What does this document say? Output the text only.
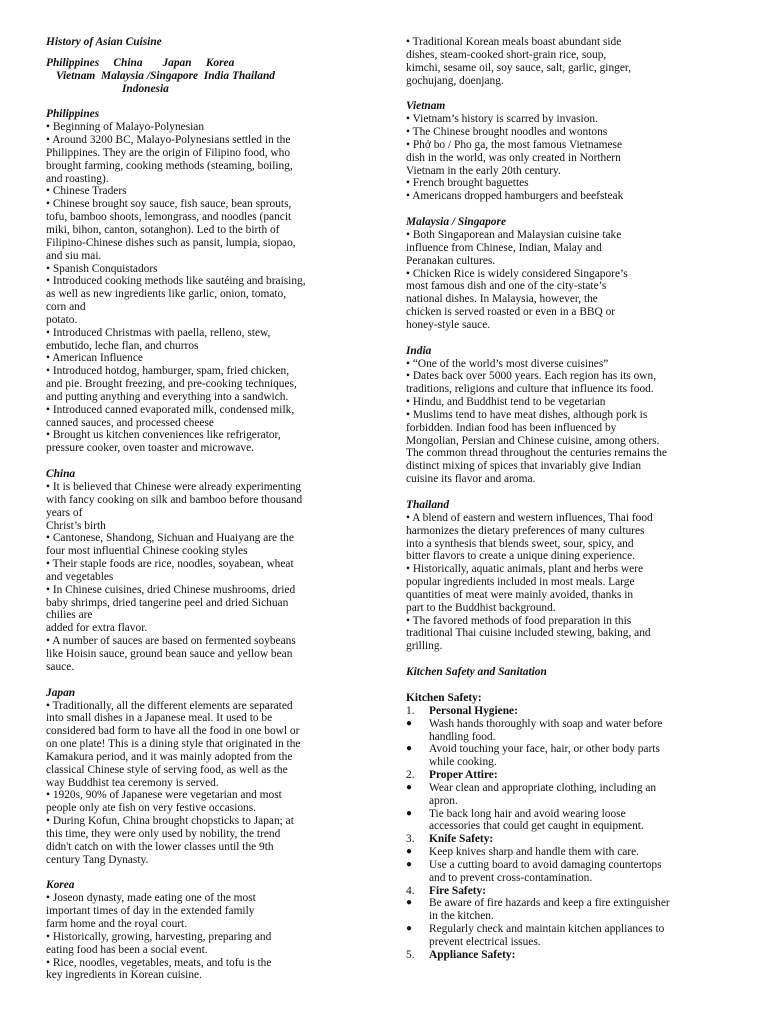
History of Asian Cuisine

Philippines     China       Japan     Korea
Vietnam  Malaysia /Singapore  India Thailand
Indonesia

Philippines

• Beginning of Malayo-Polynesian

• Around 3200 BC, Malayo-Polynesians settled in the

Philippines. They are the origin of Filipino food, who

brought farming, cooking methods (steaming, boiling,

and roasting).

• Chinese Traders

• Chinese brought soy sauce, fish sauce, bean sprouts,

tofu, bamboo shoots, lemongrass, and noodles (pancit

miki, bihon, canton, sotanghon). Led to the birth of

Filipino-Chinese dishes such as pansit, lumpia, siopao,

and siu mai.

• Spanish Conquistadors

• Introduced cooking methods like sautéing and braising,

as well as new ingredients like garlic, onion, tomato,

corn and

potato.

• Introduced Christmas with paella, relleno, stew,

embutido, leche flan, and churros

• American Influence

• Introduced hotdog, hamburger, spam, fried chicken,

and pie. Brought freezing, and pre-cooking techniques,

and putting anything and everything into a sandwich.

• Introduced canned evaporated milk, condensed milk,

canned sauces, and processed cheese

• Brought us kitchen conveniences like refrigerator,

pressure cooker, oven toaster and microwave.

China

• It is believed that Chinese were already experimenting

with fancy cooking on silk and bamboo before thousand

years of

Christ’s birth

• Cantonese, Shandong, Sichuan and Huaiyang are the

four most influential Chinese cooking styles

• Their staple foods are rice, noodles, soyabean, wheat

and vegetables

• In Chinese cuisines, dried Chinese mushrooms, dried

baby shrimps, dried tangerine peel and dried Sichuan

chilies are

added for extra flavor.

• A number of sauces are based on fermented soybeans

like Hoisin sauce, ground bean sauce and yellow bean

sauce.

Japan

• Traditionally, all the different elements are separated

into small dishes in a Japanese meal. It used to be

considered bad form to have all the food in one bowl or

on one plate! This is a dining style that originated in the

Kamakura period, and it was mainly adopted from the

classical Chinese style of serving food, as well as the

way Buddhist tea ceremony is served.

• 1920s, 90% of Japanese were vegetarian and most

people only ate fish on very festive occasions.

• During Kofun, China brought chopsticks to Japan; at

this time, they were only used by nobility, the trend

didn't catch on with the lower classes until the 9th

century Tang Dynasty.

Korea

• Joseon dynasty, made eating one of the most

important times of day in the extended family

farm home and the royal court.

• Historically, growing, harvesting, preparing and

eating food has been a social event.

• Rice, noodles, vegetables, meats, and tofu is the

key ingredients in Korean cuisine.

• Traditional Korean meals boast abundant side

dishes, steam-cooked short-grain rice, soup,

kimchi, sesame oil, soy sauce, salt, garlic, ginger,

gochujang, doenjang.

Vietnam

• Vietnam’s history is scarred by invasion.

• The Chinese brought noodles and wontons

• Phở bo / Pho ga, the most famous Vietnamese

dish in the world, was only created in Northern

Vietnam in the early 20th century.

• French brought baguettes

• Americans dropped hamburgers and beefsteak

Malaysia / Singapore

• Both Singaporean and Malaysian cuisine take

influence from Chinese, Indian, Malay and

Peranakan cultures.

• Chicken Rice is widely considered Singapore’s

most famous dish and one of the city-state’s

national dishes. In Malaysia, however, the

chicken is served roasted or even in a BBQ or

honey-style sauce.

India

• “One of the world’s most diverse cuisines”

• Dates back over 5000 years. Each region has its own,

traditions, religions and culture that influence its food.

• Hindu, and Buddhist tend to be vegetarian

• Muslims tend to have meat dishes, although pork is

forbidden. Indian food has been influenced by

Mongolian, Persian and Chinese cuisine, among others.

The common thread throughout the centuries remains the

distinct mixing of spices that invariably give Indian

cuisine its flavor and aroma.

Thailand

• A blend of eastern and western influences, Thai food

harmonizes the dietary preferences of many cultures

into a synthesis that blends sweet, sour, spicy, and

bitter flavors to create a unique dining experience.

• Historically, aquatic animals, plant and herbs were

popular ingredients included in most meals. Large

quantities of meat were mainly avoided, thanks in

part to the Buddhist background.

• The favored methods of food preparation in this

traditional Thai cuisine included stewing, baking, and

grilling.

Kitchen Safety and Sanitation

Kitchen Safety:

1.	Personal Hygiene:
●	Wash hands thoroughly with soap and water before
handling food.
●	Avoid touching your face, hair, or other body parts
while cooking.
2.	Proper Attire:
●	Wear clean and appropriate clothing, including an
apron.
●	Tie back long hair and avoid wearing loose
accessories that could get caught in equipment.
3.	Knife Safety:
●	Keep knives sharp and handle them with care.
●	Use a cutting board to avoid damaging countertops
and to prevent cross-contamination.
4.	Fire Safety:
●	Be aware of fire hazards and keep a fire extinguisher
in the kitchen.
●	Regularly check and maintain kitchen appliances to
prevent electrical issues.
5.	Appliance Safety:
